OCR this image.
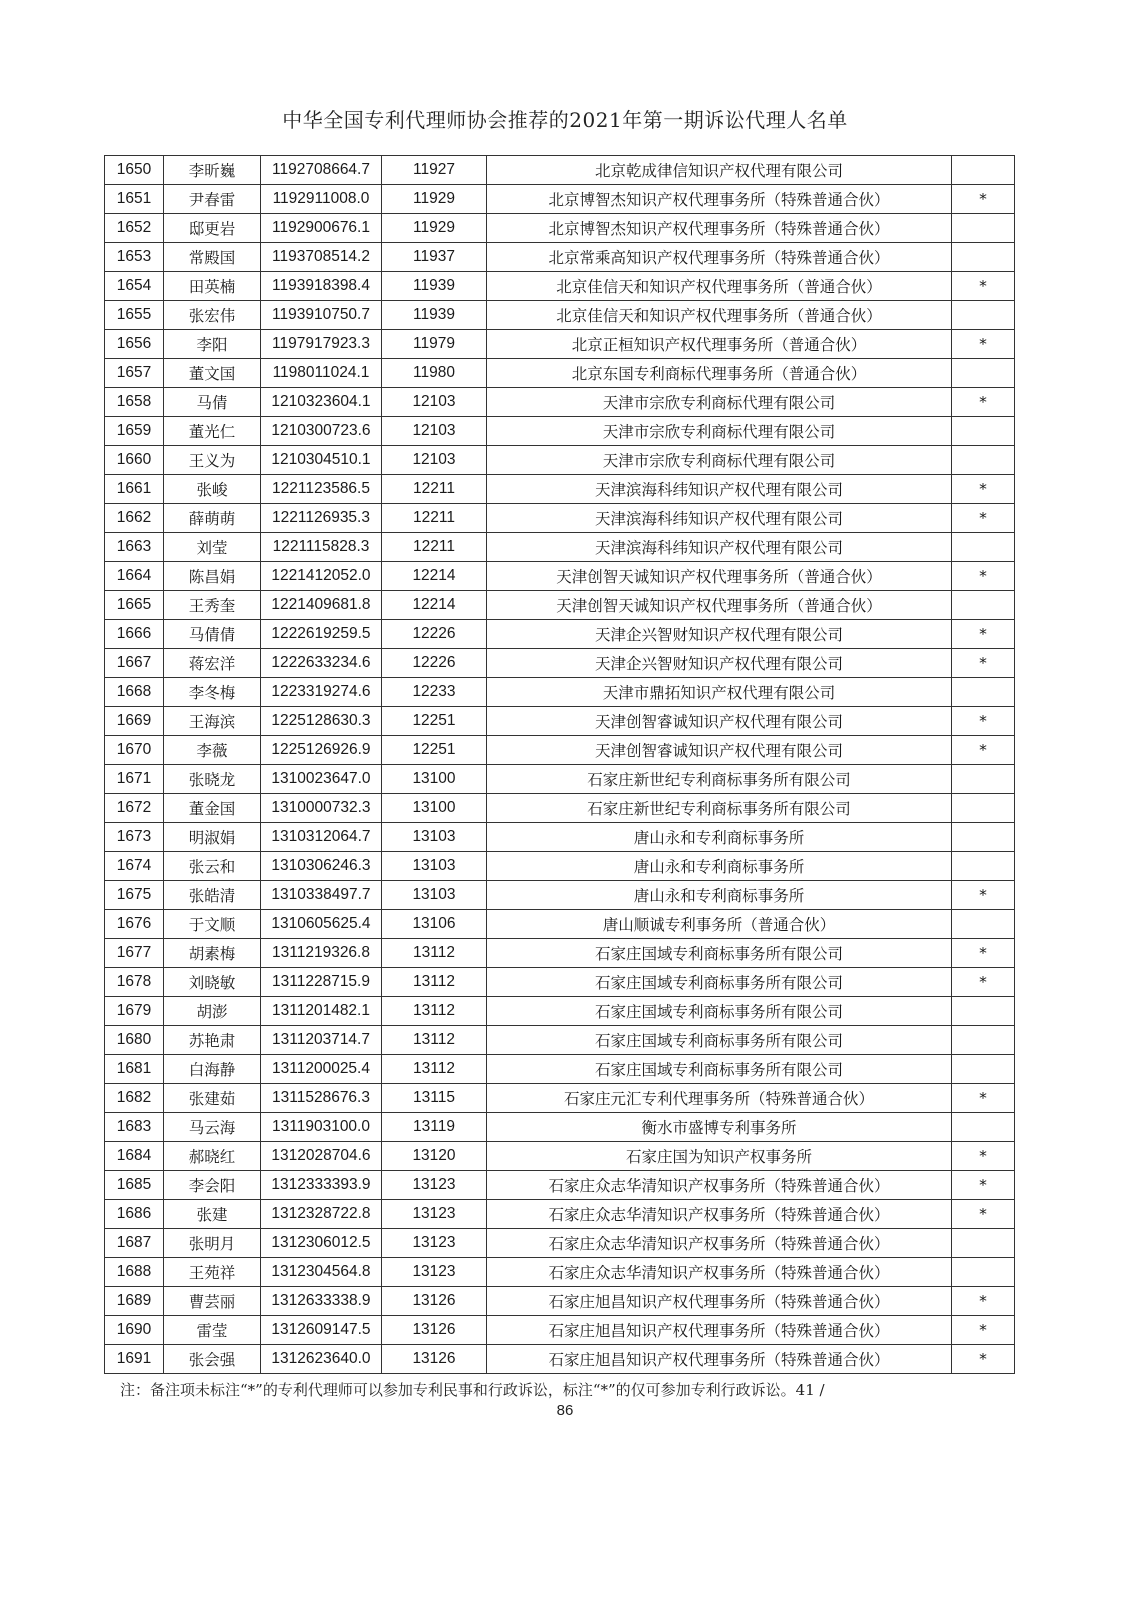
中华全国专利代理师协会推荐的2021年第一期诉讼代理人名单
1650	李昕巍	1192708664.7	11927	北京乾成律信知识产权代理有限公司	
1651	尹春雷	1192911008.0	11929	北京博智杰知识产权代理事务所（特殊普通合伙）	*
1652	邸更岩	1192900676.1	11929	北京博智杰知识产权代理事务所（特殊普通合伙）	
1653	常殿国	1193708514.2	11937	北京常乘高知识产权代理事务所（特殊普通合伙）	
1654	田英楠	1193918398.4	11939	北京佳信天和知识产权代理事务所（普通合伙）	*
1655	张宏伟	1193910750.7	11939	北京佳信天和知识产权代理事务所（普通合伙）	
1656	李阳	1197917923.3	11979	北京正桓知识产权代理事务所（普通合伙）	*
1657	董文国	1198011024.1	11980	北京东国专利商标代理事务所（普通合伙）	
1658	马倩	1210323604.1	12103	天津市宗欣专利商标代理有限公司	*
1659	董光仁	1210300723.6	12103	天津市宗欣专利商标代理有限公司	
1660	王义为	1210304510.1	12103	天津市宗欣专利商标代理有限公司	
1661	张峻	1221123586.5	12211	天津滨海科纬知识产权代理有限公司	*
1662	薛萌萌	1221126935.3	12211	天津滨海科纬知识产权代理有限公司	*
1663	刘莹	1221115828.3	12211	天津滨海科纬知识产权代理有限公司	
1664	陈昌娟	1221412052.0	12214	天津创智天诚知识产权代理事务所（普通合伙）	*
1665	王秀奎	1221409681.8	12214	天津创智天诚知识产权代理事务所（普通合伙）	
1666	马倩倩	1222619259.5	12226	天津企兴智财知识产权代理有限公司	*
1667	蒋宏洋	1222633234.6	12226	天津企兴智财知识产权代理有限公司	*
1668	李冬梅	1223319274.6	12233	天津市鼎拓知识产权代理有限公司	
1669	王海滨	1225128630.3	12251	天津创智睿诚知识产权代理有限公司	*
1670	李薇	1225126926.9	12251	天津创智睿诚知识产权代理有限公司	*
1671	张晓龙	1310023647.0	13100	石家庄新世纪专利商标事务所有限公司	
1672	董金国	1310000732.3	13100	石家庄新世纪专利商标事务所有限公司	
1673	明淑娟	1310312064.7	13103	唐山永和专利商标事务所	
1674	张云和	1310306246.3	13103	唐山永和专利商标事务所	
1675	张皓清	1310338497.7	13103	唐山永和专利商标事务所	*
1676	于文顺	1310605625.4	13106	唐山顺诚专利事务所（普通合伙）	
1677	胡素梅	1311219326.8	13112	石家庄国域专利商标事务所有限公司	*
1678	刘晓敏	1311228715.9	13112	石家庄国域专利商标事务所有限公司	*
1679	胡澎	1311201482.1	13112	石家庄国域专利商标事务所有限公司	
1680	苏艳肃	1311203714.7	13112	石家庄国域专利商标事务所有限公司	
1681	白海静	1311200025.4	13112	石家庄国域专利商标事务所有限公司	
1682	张建茹	1311528676.3	13115	石家庄元汇专利代理事务所（特殊普通合伙）	*
1683	马云海	1311903100.0	13119	衡水市盛博专利事务所	
1684	郝晓红	1312028704.6	13120	石家庄国为知识产权事务所	*
1685	李会阳	1312333393.9	13123	石家庄众志华清知识产权事务所（特殊普通合伙）	*
1686	张建	1312328722.8	13123	石家庄众志华清知识产权事务所（特殊普通合伙）	*
1687	张明月	1312306012.5	13123	石家庄众志华清知识产权事务所（特殊普通合伙）	
1688	王苑祥	1312304564.8	13123	石家庄众志华清知识产权事务所（特殊普通合伙）	
1689	曹芸丽	1312633338.9	13126	石家庄旭昌知识产权代理事务所（特殊普通合伙）	*
1690	雷莹	1312609147.5	13126	石家庄旭昌知识产权代理事务所（特殊普通合伙）	*
1691	张会强	1312623640.0	13126	石家庄旭昌知识产权代理事务所（特殊普通合伙）	*
注：备注项未标注“*”的专利代理师可以参加专利民事和行政诉讼，标注“*”的仅可参加专利行政诉讼。41 /
86
